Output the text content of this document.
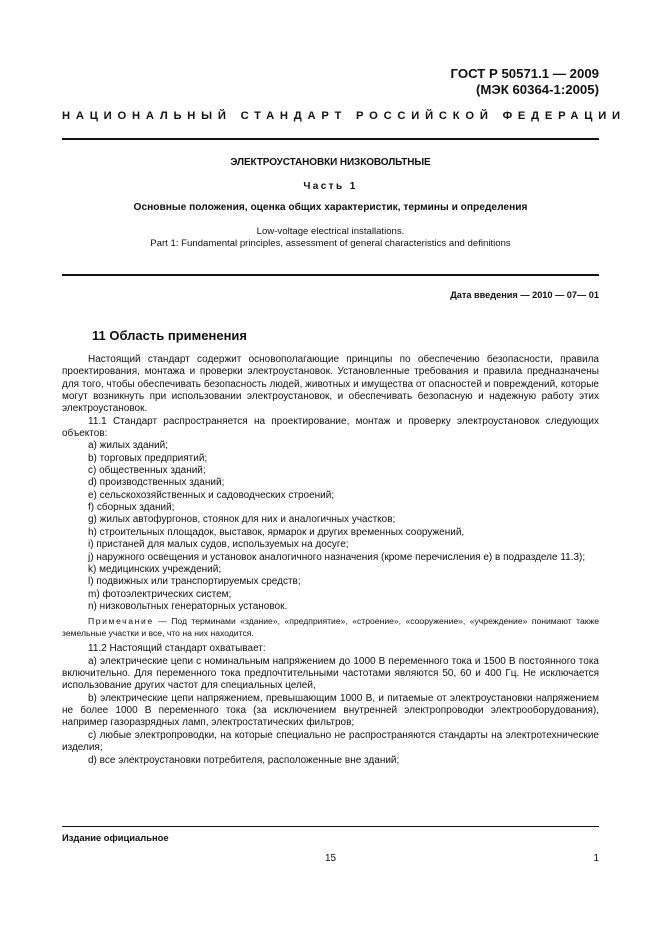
ГОСТ Р 50571.1 — 2009
(МЭК 60364-1:2005)
НАЦИОНАЛЬНЫЙ СТАНДАРТ РОССИЙСКОЙ ФЕДЕРАЦИИ
ЭЛЕКТРОУСТАНОВКИ НИЗКОВОЛЬТНЫЕ
Часть 1
Основные положения, оценка общих характеристик, термины и определения
Low-voltage electrical installations.
Part 1: Fundamental principles, assessment of general characteristics and definitions
Дата введения — 2010 — 07— 01
11 Область применения

Настоящий стандарт содержит основополагающие принципы по обеспечению безопасности, правила проектирования, монтажа и проверки электроустановок. Установленные требования и правила предназначены для того, чтобы обеспечивать безопасность людей, животных и имущества от опасностей и повреждений, которые могут возникнуть при использовании электроустановок, и обеспечивать безопасную и надежную работу этих электроустановок.

11.1 Стандарт распространяется на проектирование, монтаж и проверку электроустановок следующих объектов:

a) жилых зданий;
b) торговых предприятий;
c) общественных зданий;
d) производственных зданий;
e) сельскохозяйственных и садоводческих строений;
f) сборных зданий;
g) жилых автофургонов, стоянок для них и аналогичных участков;
h) строительных площадок, выставок, ярмарок и других временных сооружений,
i) пристаней для малых судов, используемых на досуге;

j) наружного освещения и установок аналогичного назначения (кроме перечисления е) в подразделе 11.3);

k) медицинских учреждений;
l) подвижных или транспортируемых средств;
m) фотоэлектрических систем;
n) низковольтных генераторных установок.
Примечание — Под терминами «здание», «предприятие», «строение», «сооружение», «учреждение» понимают также земельные участки и все, что на них находится.

11.2 Настоящий стандарт охватывает:

a) электрические цепи с номинальным напряжением до 1000 В переменного тока и 1500 В постоянного тока включительно. Для переменного тока предпочтительными частотами являются 50, 60 и 400 Гц. Не исключается использование других частот для специальных целей,

b) электрические цепи напряжением, превышающим 1000 В, и питаемые от электроустановки напряжением не более 1000 В переменного тока (за исключением внутренней электропроводки электрооборудования), например газоразрядных ламп, электростатических фильтров;

c) любые электропроводки, на которые специально не распространяются стандарты на электротехнические изделия;

d) все электроустановки потребителя, расположенные вне зданий;

Издание официальное
15	1
